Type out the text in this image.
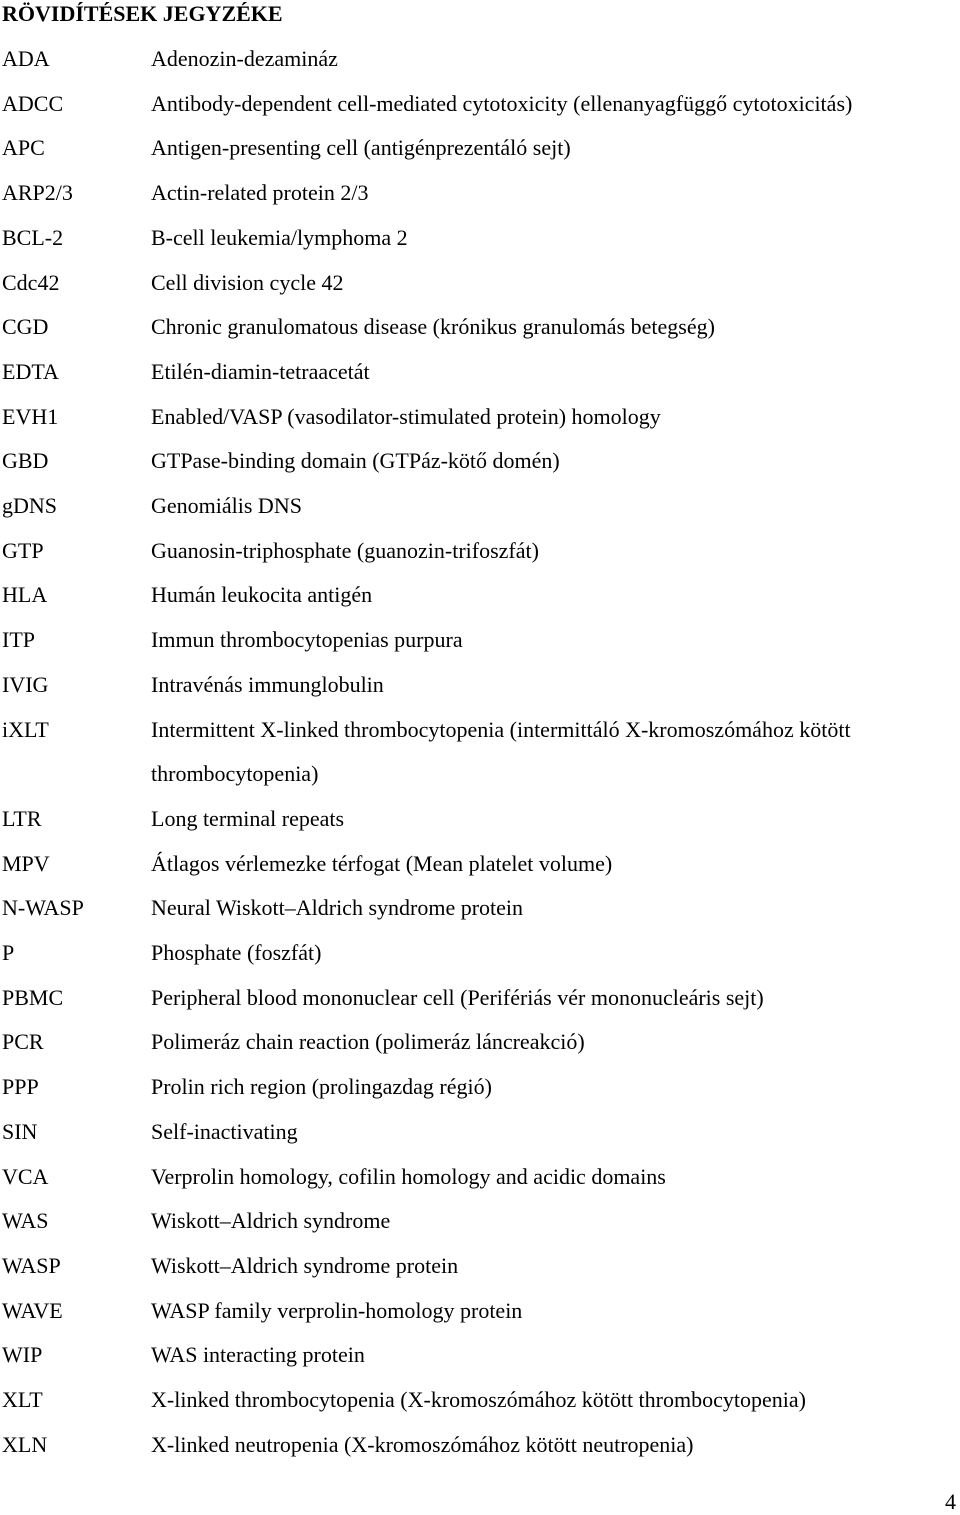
RÖVIDÍTÉSEK JEGYZÉKE
ADA	Adenozin-dezamináz
ADCC	Antibody-dependent cell-mediated cytotoxicity (ellenanyagfüggő cytotoxicitás)
APC	Antigen-presenting cell (antigénprezentáló sejt)
ARP2/3	Actin-related protein 2/3
BCL-2	B-cell leukemia/lymphoma 2
Cdc42	Cell division cycle 42
CGD	Chronic granulomatous disease (krónikus granulomás betegség)
EDTA	Etilén-diamin-tetraacetát
EVH1	Enabled/VASP (vasodilator-stimulated protein) homology
GBD	GTPase-binding domain (GTPáz-kötő domén)
gDNS	Genomiális DNS
GTP	Guanosin-triphosphate (guanozin-trifoszfát)
HLA	Humán leukocita antigén
ITP	Immun thrombocytopenias purpura
IVIG	Intravénás immunglobulin
iXLT	Intermittent X-linked thrombocytopenia (intermittáló X-kromoszómához kötött thrombocytopenia)
LTR	Long terminal repeats
MPV	Átlagos vérlemezke térfogat (Mean platelet volume)
N-WASP	Neural Wiskott–Aldrich syndrome protein
P	Phosphate (foszfát)
PBMC	Peripheral blood mononuclear cell (Perifériás vér mononucleáris sejt)
PCR	Polimeráz chain reaction (polimeráz láncreakció)
PPP	Prolin rich region (prolingazdag régió)
SIN	Self-inactivating
VCA	Verprolin homology, cofilin homology and acidic domains
WAS	Wiskott–Aldrich syndrome
WASP	Wiskott–Aldrich syndrome protein
WAVE	WASP family verprolin-homology protein
WIP	WAS interacting protein
XLT	X-linked thrombocytopenia (X-kromoszómához kötött thrombocytopenia)
XLN	X-linked neutropenia (X-kromoszómához kötött neutropenia)
4
